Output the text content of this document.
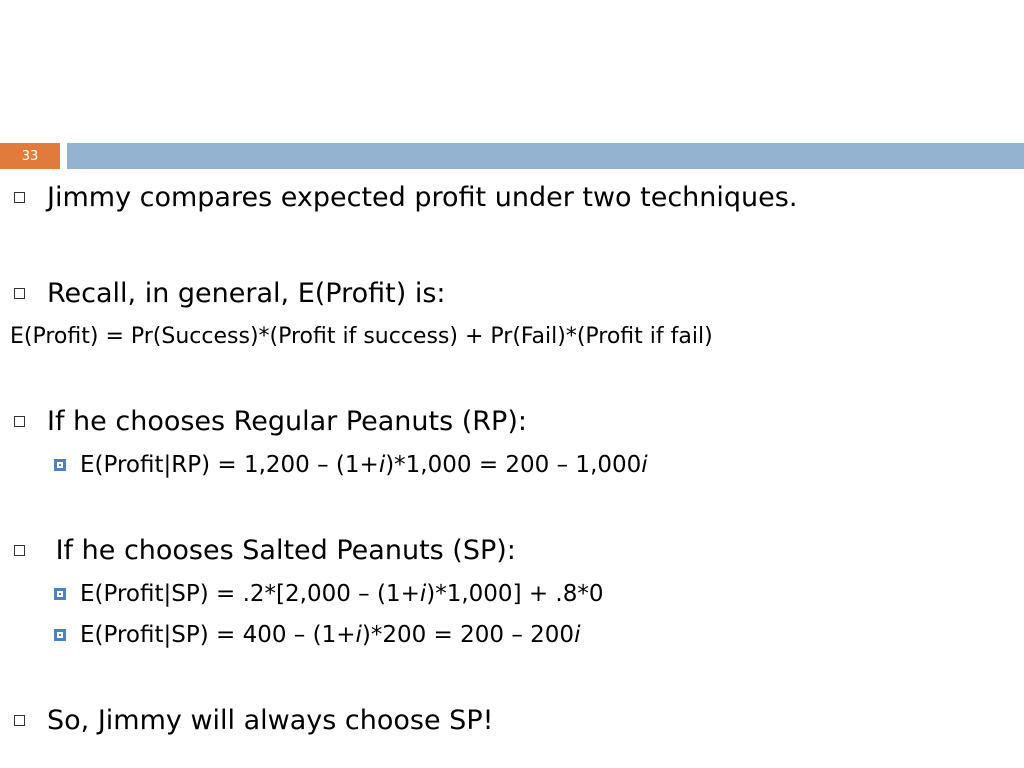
33
Jimmy compares expected profit under two techniques.
Recall, in general, E(Profit) is:
E(Profit) = Pr(Success)*(Profit if success) + Pr(Fail)*(Profit if fail)
If he chooses Regular Peanuts (RP):
E(Profit|RP) = 1,200 – (1+i)*1,000 = 200 – 1,000i
If he chooses Salted Peanuts (SP):
E(Profit|SP) = .2*[2,000 – (1+i)*1,000] + .8*0
E(Profit|SP) = 400 – (1+i)*200 = 200 – 200i
So, Jimmy will always choose SP!
